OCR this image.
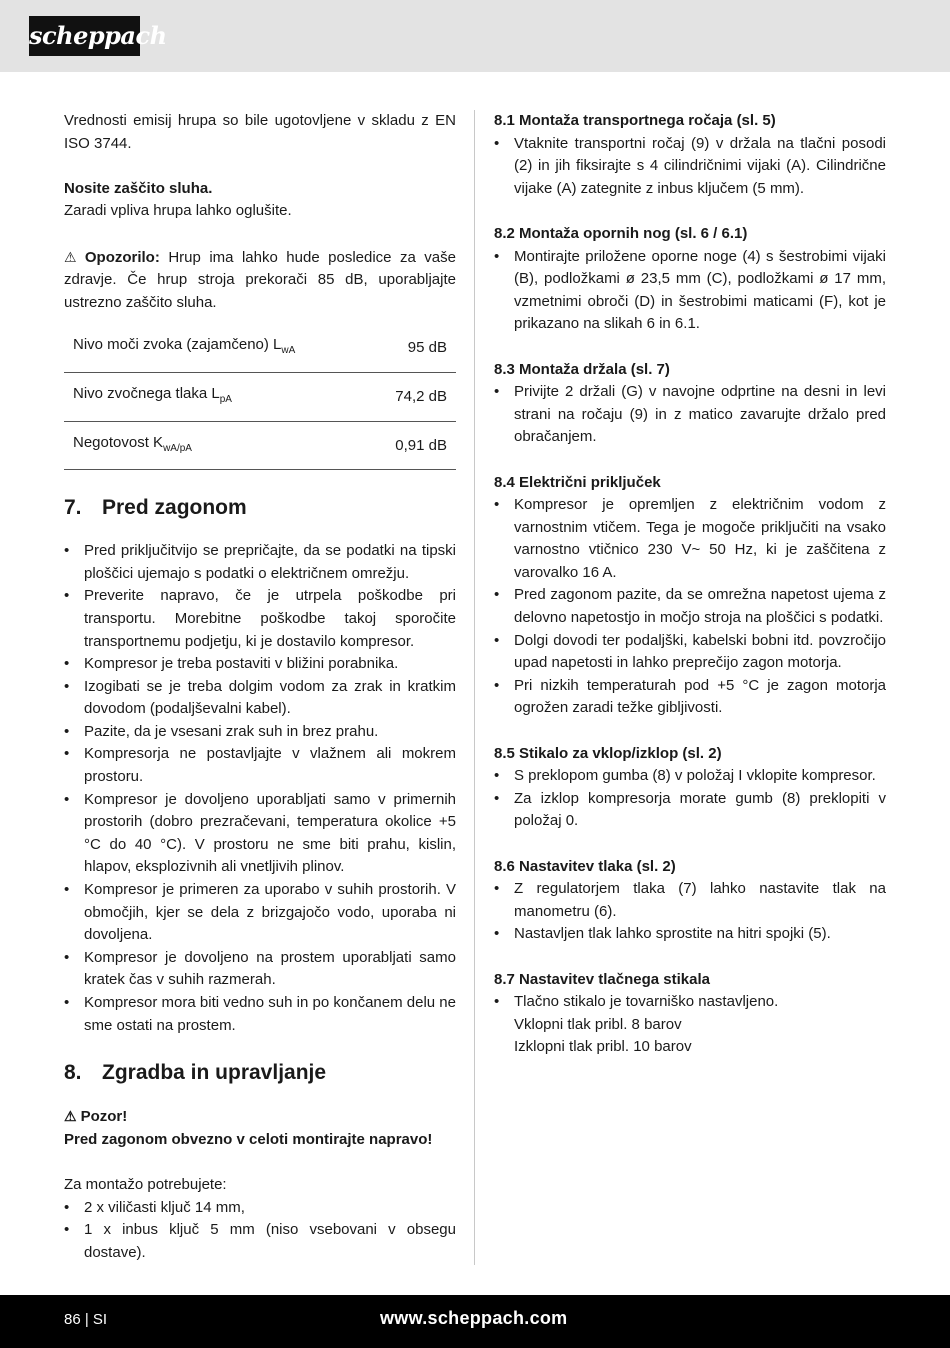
scheppach

Vrednosti emisij hrupa so bile ugotovljene v skladu z EN ISO 3744.

Nosite zaščito sluha.

Zaradi vpliva hrupa lahko oglušite.

⚠ Opozorilo: Hrup ima lahko hude posledice za vaše zdravje. Če hrup stroja prekorači 85 dB, uporabljajte ustrezno zaščito sluha.

Nivo moči zvoka (zajamčeno) $L_{wA}$	95 dB
Nivo zvočnega tlaka $L_{pA}$	74,2 dB
Negotovost $K_{wA/pA}$	0,91 dB
7. Pred zagonom
• Pred priključitvijo se prepričajte, da se podatki na tipski ploščici ujemajo s podatki o električnem omrežju.
• Preverite napravo, če je utrpela poškodbe pri transportu. Morebitne poškodbe takoj sporočite transportnemu podjetju, ki je dostavilo kompresor.
• Kompresor je treba postaviti v bližini porabnika.
• Izogibati se je treba dolgim vodom za zrak in kratkim dovodom (podaljševalni kabel).
• Pazite, da je vsesani zrak suh in brez prahu.
• Kompresorja ne postavljajte v vlažnem ali mokrem prostoru.
• Kompresor je dovoljeno uporabljati samo v primernih prostorih (dobro prezračevani, temperatura okolice +5 °C do 40 °C). V prostoru ne sme biti prahu, kislin, hlapov, eksplozivnih ali vnetljivih plinov.
• Kompresor je primeren za uporabo v suhih prostorih. V območjih, kjer se dela z brizgajočo vodo, uporaba ni dovoljena.
• Kompresor je dovoljeno na prostem uporabljati samo kratek čas v suhih razmerah.
• Kompresor mora biti vedno suh in po končanem delu ne sme ostati na prostem.
8. Zgradba in upravljanje

⚠ Pozor!

Pred zagonom obvezno v celoti montirajte napravo!

Za montažo potrebujete:

• 2 x viličasti ključ 14 mm,
• 1 x inbus ključ 5 mm (niso vsebovani v obsegu dostave).

8.1 Montaža transportnega ročaja (sl. 5)

• Vtaknite transportni ročaj (9) v držala na tlačni posodi (2) in jih fiksirajte s 4 cilindričnimi vijaki (A). Cilindrične vijake (A) zategnite z inbus ključem (5 mm).

8.2 Montaža opornih nog (sl. 6 / 6.1)

• Montirajte priložene oporne noge (4) s šestrobimi vijaki (B), podložkami ø 23,5 mm (C), podložkami ø 17 mm, vzmetnimi obroči (D) in šestrobimi maticami (F), kot je prikazano na slikah 6 in 6.1.

8.3 Montaža držala (sl. 7)

• Privijte 2 držali (G) v navojne odprtine na desni in levi strani na ročaju (9) in z matico zavarujte držalo pred obračanjem.

8.4 Električni priključek

• Kompresor je opremljen z električnim vodom z varnostnim vtičem. Tega je mogoče priključiti na vsako varnostno vtičnico 230 V~ 50 Hz, ki je zaščitena z varovalko 16 A.
• Pred zagonom pazite, da se omrežna napetost ujema z delovno napetostjo in močjo stroja na ploščici s podatki.
• Dolgi dovodi ter podaljški, kabelski bobni itd. povzročijo upad napetosti in lahko preprečijo zagon motorja.
• Pri nizkih temperaturah pod +5 °C je zagon motorja ogrožen zaradi težke gibljivosti.

8.5 Stikalo za vklop/izklop (sl. 2)

• S preklopom gumba (8) v položaj I vklopite kompresor.
• Za izklop kompresorja morate gumb (8) preklopiti v položaj 0.

8.6 Nastavitev tlaka (sl. 2)

• Z regulatorjem tlaka (7) lahko nastavite tlak na manometru (6).
• Nastavljen tlak lahko sprostite na hitri spojki (5).

8.7 Nastavitev tlačnega stikala

• Tlačno stikalo je tovarniško nastavljeno.

Vklopni tlak pribl. 8 barov

Izklopni tlak pribl. 10 barov

86 | SI	www.scheppach.com
